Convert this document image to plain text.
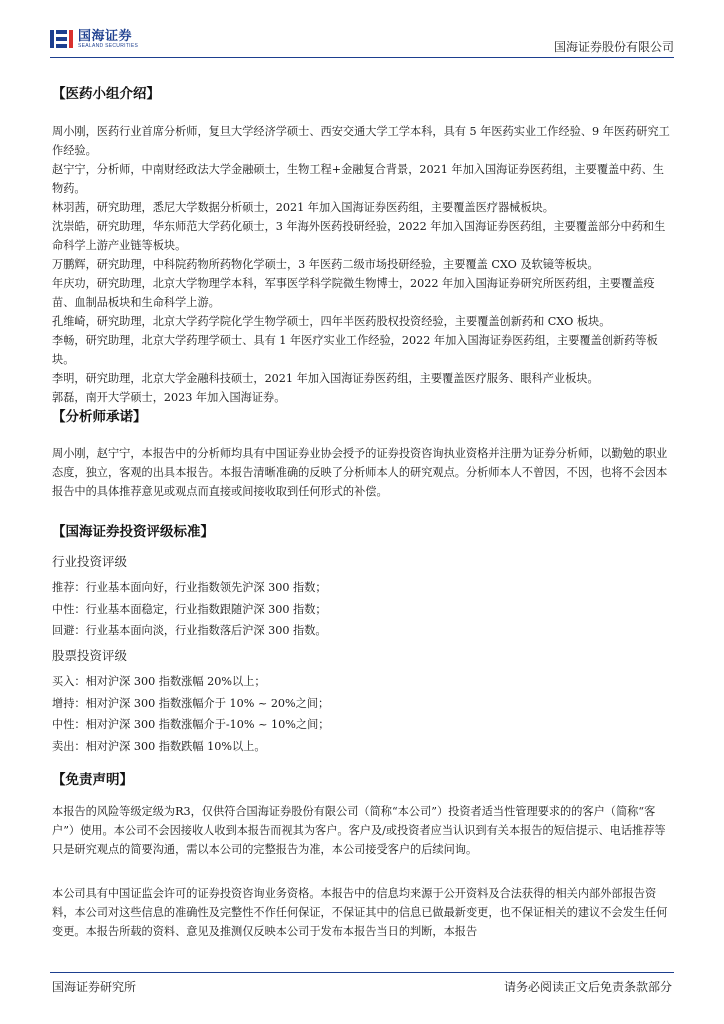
国海证券
SEALAND SECURITIES	国海证券股份有限公司
【医药小组介绍】

周小刚，医药行业首席分析师，复旦大学经济学硕士、西安交通大学工学本科，具有 5 年医药实业工作经验、9 年医药研究工作经验。

赵宁宁，分析师，中南财经政法大学金融硕士，生物工程+金融复合背景，2021 年加入国海证券医药组，主要覆盖中药、生物药。

林羽茜，研究助理，悉尼大学数据分析硕士，2021 年加入国海证券医药组，主要覆盖医疗器械板块。

沈崇皓，研究助理，华东师范大学药化硕士，3 年海外医药投研经验，2022 年加入国海证券医药组，主要覆盖部分中药和生命科学上游产业链等板块。

万鹏辉，研究助理，中科院药物所药物化学硕士，3 年医药二级市场投研经验，主要覆盖 CXO 及软镜等板块。

年庆功，研究助理，北京大学物理学本科，军事医学科学院微生物博士，2022 年加入国海证券研究所医药组，主要覆盖疫苗、血制品板块和生命科学上游。

孔维崎，研究助理，北京大学药学院化学生物学硕士，四年半医药股权投资经验，主要覆盖创新药和 CXO 板块。

李畅，研究助理，北京大学药理学硕士、具有 1 年医疗实业工作经验，2022 年加入国海证券医药组，主要覆盖创新药等板块。

李明，研究助理，北京大学金融科技硕士，2021 年加入国海证券医药组，主要覆盖医疗服务、眼科产业板块。

郭磊，南开大学硕士，2023 年加入国海证券。

【分析师承诺】

周小刚，赵宁宁，本报告中的分析师均具有中国证券业协会授予的证券投资咨询执业资格并注册为证券分析师，以勤勉的职业态度，独立，客观的出具本报告。本报告清晰准确的反映了分析师本人的研究观点。分析师本人不曾因，不因，也将不会因本报告中的具体推荐意见或观点而直接或间接收取到任何形式的补偿。

【国海证券投资评级标准】
行业投资评级
推荐：行业基本面向好，行业指数领先沪深 300 指数；
中性：行业基本面稳定，行业指数跟随沪深 300 指数；
回避：行业基本面向淡，行业指数落后沪深 300 指数。
股票投资评级
买入：相对沪深 300 指数涨幅 20%以上；
增持：相对沪深 300 指数涨幅介于 10% ~ 20%之间；
中性：相对沪深 300 指数涨幅介于-10% ~ 10%之间；
卖出：相对沪深 300 指数跌幅 10%以上。
【免责声明】

本报告的风险等级定级为R3，仅供符合国海证券股份有限公司（简称“本公司”）投资者适当性管理要求的的客户（简称“客户”）使用。本公司不会因接收人收到本报告而视其为客户。客户及/或投资者应当认识到有关本报告的短信提示、电话推荐等只是研究观点的简要沟通，需以本公司的完整报告为准，本公司接受客户的后续问询。

本公司具有中国证监会许可的证券投资咨询业务资格。本报告中的信息均来源于公开资料及合法获得的相关内部外部报告资料，本公司对这些信息的准确性及完整性不作任何保证，不保证其中的信息已做最新变更，也不保证相关的建议不会发生任何变更。本报告所载的资料、意见及推测仅反映本公司于发布本报告当日的判断，本报告

国海证券研究所	请务必阅读正文后免责条款部分
